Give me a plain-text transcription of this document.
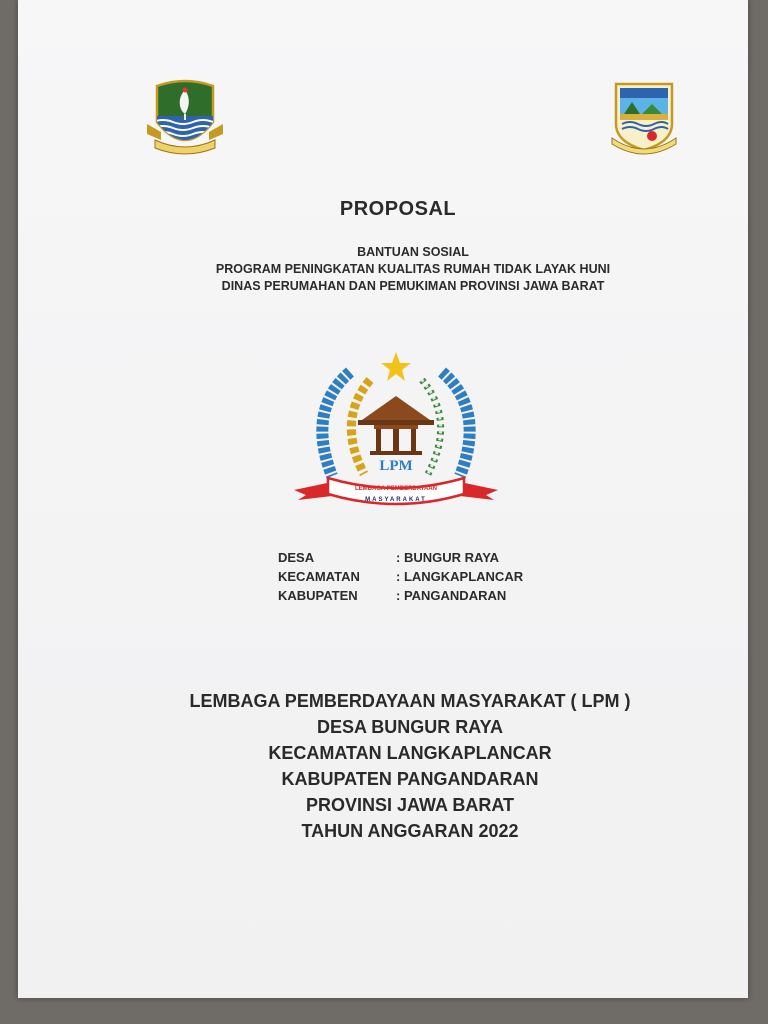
PROPOSAL
BANTUAN SOSIAL
PROGRAM PENINGKATAN KUALITAS RUMAH TIDAK LAYAK HUNI
DINAS PERUMAHAN DAN PEMUKIMAN PROVINSI JAWA BARAT
LPM
LEMBAGA PEMBERDAYAAN
MASYARAKAT
DESA	: BUNGUR RAYA
KECAMATAN	: LANGKAPLANCAR
KABUPATEN	: PANGANDARAN
LEMBAGA PEMBERDAYAAN MASYARAKAT ( LPM )
DESA BUNGUR RAYA
KECAMATAN LANGKAPLANCAR
KABUPATEN PANGANDARAN
PROVINSI JAWA BARAT
TAHUN ANGGARAN 2022
